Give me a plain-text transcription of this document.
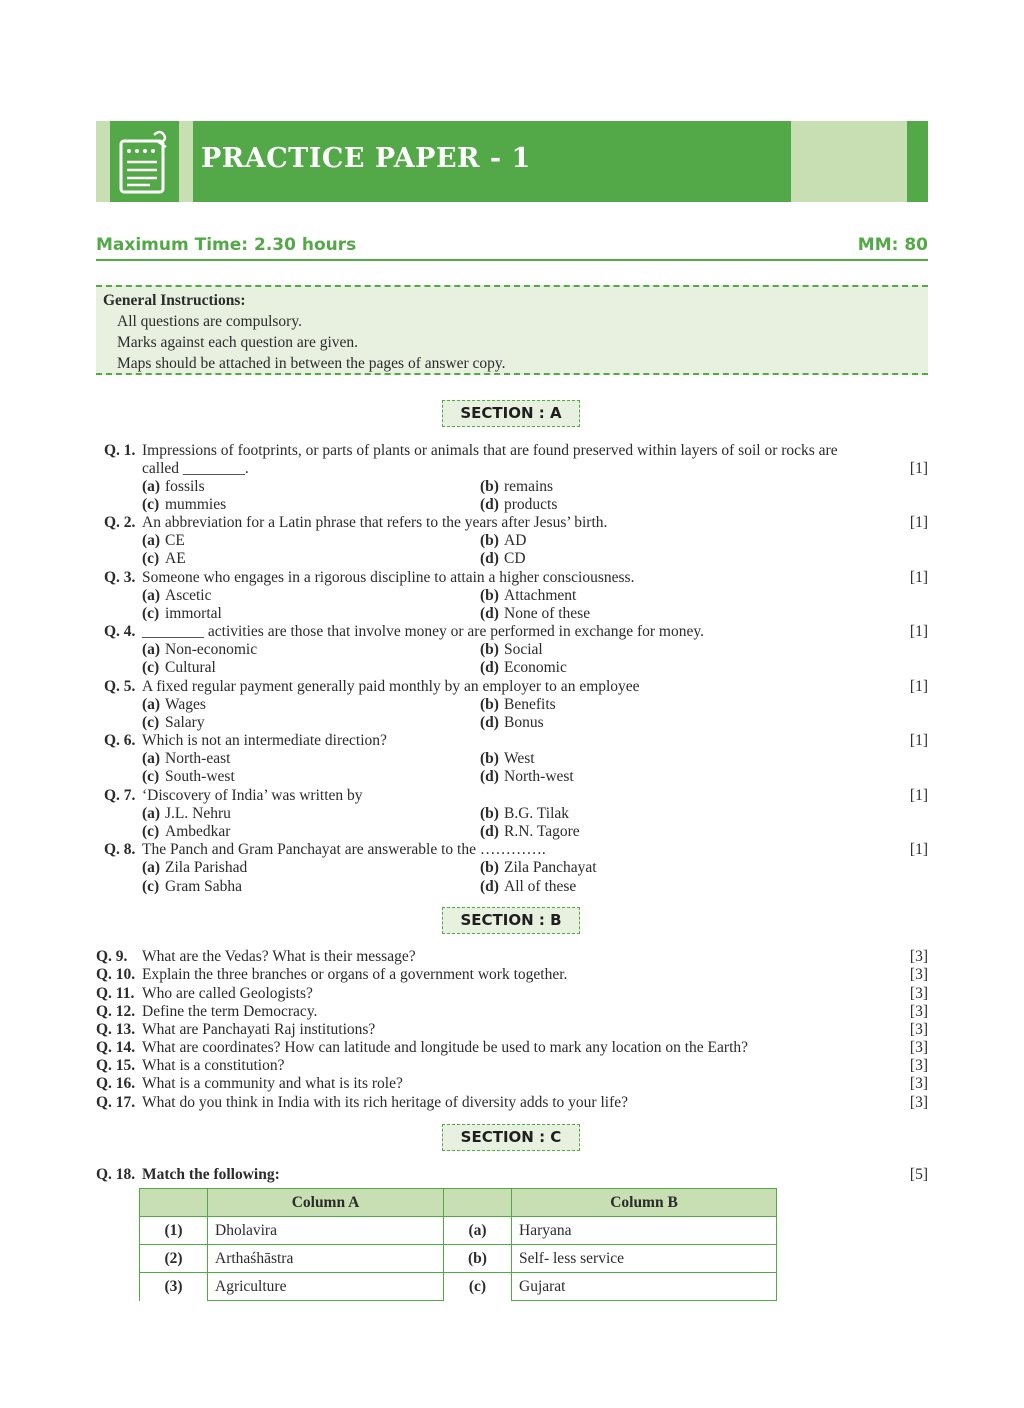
PRACTICE PAPER - 1
Maximum Time: 2.30 hours	MM: 80
General Instructions:
All questions are compulsory.
Marks against each question are given.
Maps should be attached in between the pages of answer copy.
SECTION : A
Q. 1. Impressions of footprints, or parts of plants or animals that are found preserved within layers of soil or rocks are
called ________.	[1]
(a) fossils	(b) remains
(c) mummies	(d) products
Q. 2. An abbreviation for a Latin phrase that refers to the years after Jesus’ birth.	[1]
(a) CE	(b) AD
(c) AE	(d) CD
Q. 3. Someone who engages in a rigorous discipline to attain a higher consciousness.	[1]
(a) Ascetic	(b) Attachment
(c) immortal	(d) None of these
Q. 4. ________ activities are those that involve money or are performed in exchange for money.	[1]
(a) Non-economic	(b) Social
(c) Cultural	(d) Economic
Q. 5. A fixed regular payment generally paid monthly by an employer to an employee	[1]
(a) Wages	(b) Benefits
(c) Salary	(d) Bonus
Q. 6. Which is not an intermediate direction?	[1]
(a) North-east	(b) West
(c) South-west	(d) North-west
Q. 7. ‘Discovery of India’ was written by	[1]
(a) J.L. Nehru	(b) B.G. Tilak
(c) Ambedkar	(d) R.N. Tagore
Q. 8. The Panch and Gram Panchayat are answerable to the ………….	[1]
(a) Zila Parishad	(b) Zila Panchayat
(c) Gram Sabha	(d) All of these
SECTION : B
Q. 9. What are the Vedas? What is their message?	[3]
Q. 10. Explain the three branches or organs of a government work together.	[3]
Q. 11. Who are called Geologists?	[3]
Q. 12. Define the term Democracy.	[3]
Q. 13. What are Panchayati Raj institutions?	[3]
Q. 14. What are coordinates? How can latitude and longitude be used to mark any location on the Earth?	[3]
Q. 15. What is a constitution?	[3]
Q. 16. What is a community and what is its role?	[3]
Q. 17. What do you think in India with its rich heritage of diversity adds to your life?	[3]
SECTION : C
Q. 18. Match the following:	[5]
	Column A		Column B
(1)	Dholavira	(a)	Haryana
(2)	Arthaśhāstra	(b)	Self- less service
(3)	Agriculture	(c)	Gujarat
